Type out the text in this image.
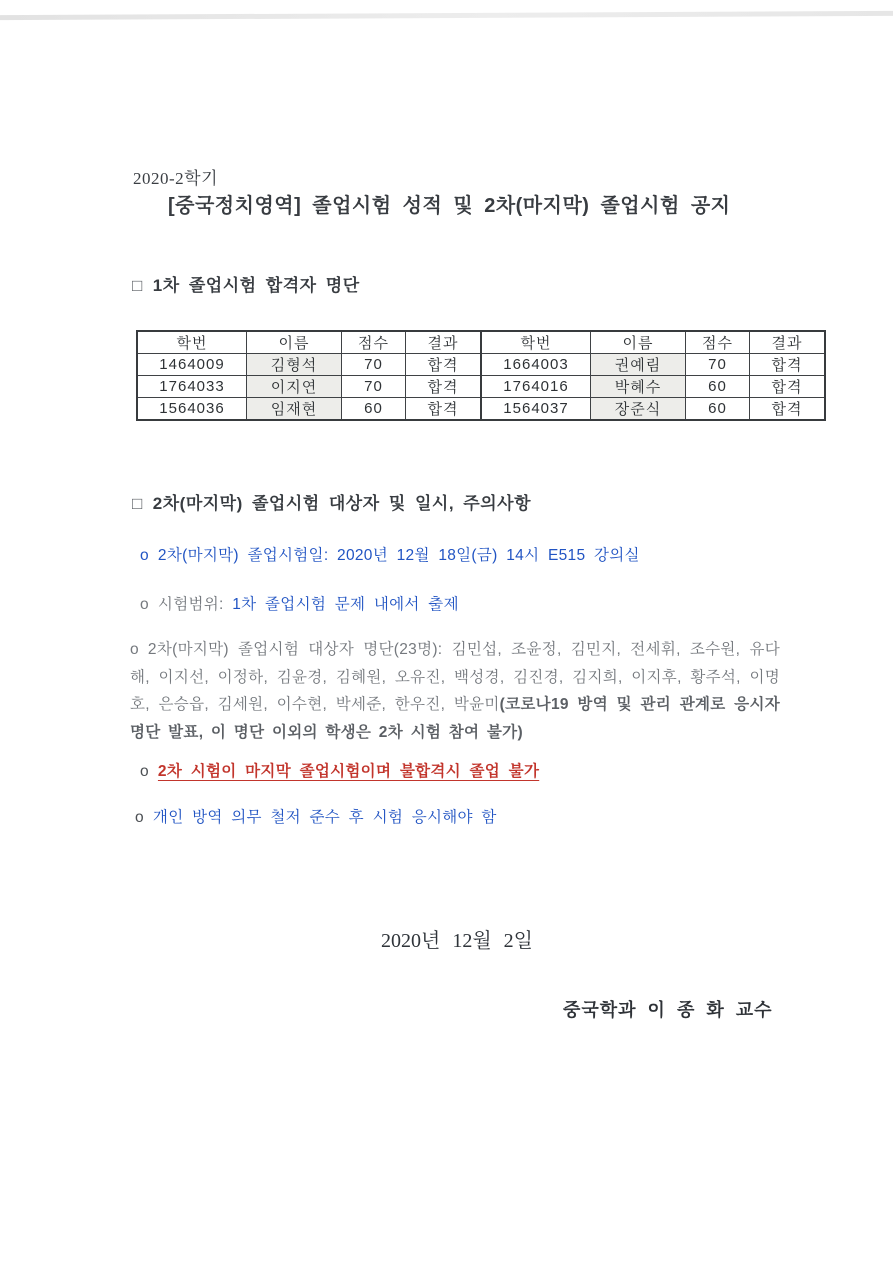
2020-2학기
[중국정치영역] 졸업시험 성적 및 2차(마지막) 졸업시험 공지
□ 1차 졸업시험 합격자 명단
학번	이름	점수	결과	학번	이름	점수	결과
1464009	김형석	70	합격	1664003	권예림	70	합격
1764033	이지연	70	합격	1764016	박혜수	60	합격
1564036	임재현	60	합격	1564037	장준식	60	합격
□ 2차(마지막) 졸업시험 대상자 및 일시, 주의사항
o 2차(마지막) 졸업시험일: 2020년 12월 18일(금) 14시 E515 강의실
o 시험범위: 1차 졸업시험 문제 내에서 출제
o 2차(마지막) 졸업시험 대상자 명단(23명): 김민섭, 조윤정, 김민지, 전세휘, 조수원, 유다해, 이지선, 이정하, 김윤경, 김혜원, 오유진, 백성경, 김진경, 김지희, 이지후, 황주석, 이명호, 은승읍, 김세원, 이수현, 박세준, 한우진, 박윤미(코로나19 방역 및 관리 관계로 응시자 명단 발표, 이 명단 이외의 학생은 2차 시험 참여 불가)
o 2차 시험이 마지막 졸업시험이며 불합격시 졸업 불가
o 개인 방역 의무 철저 준수 후 시험 응시해야 함
2020년 12월 2일
중국학과 이 종 화 교수
